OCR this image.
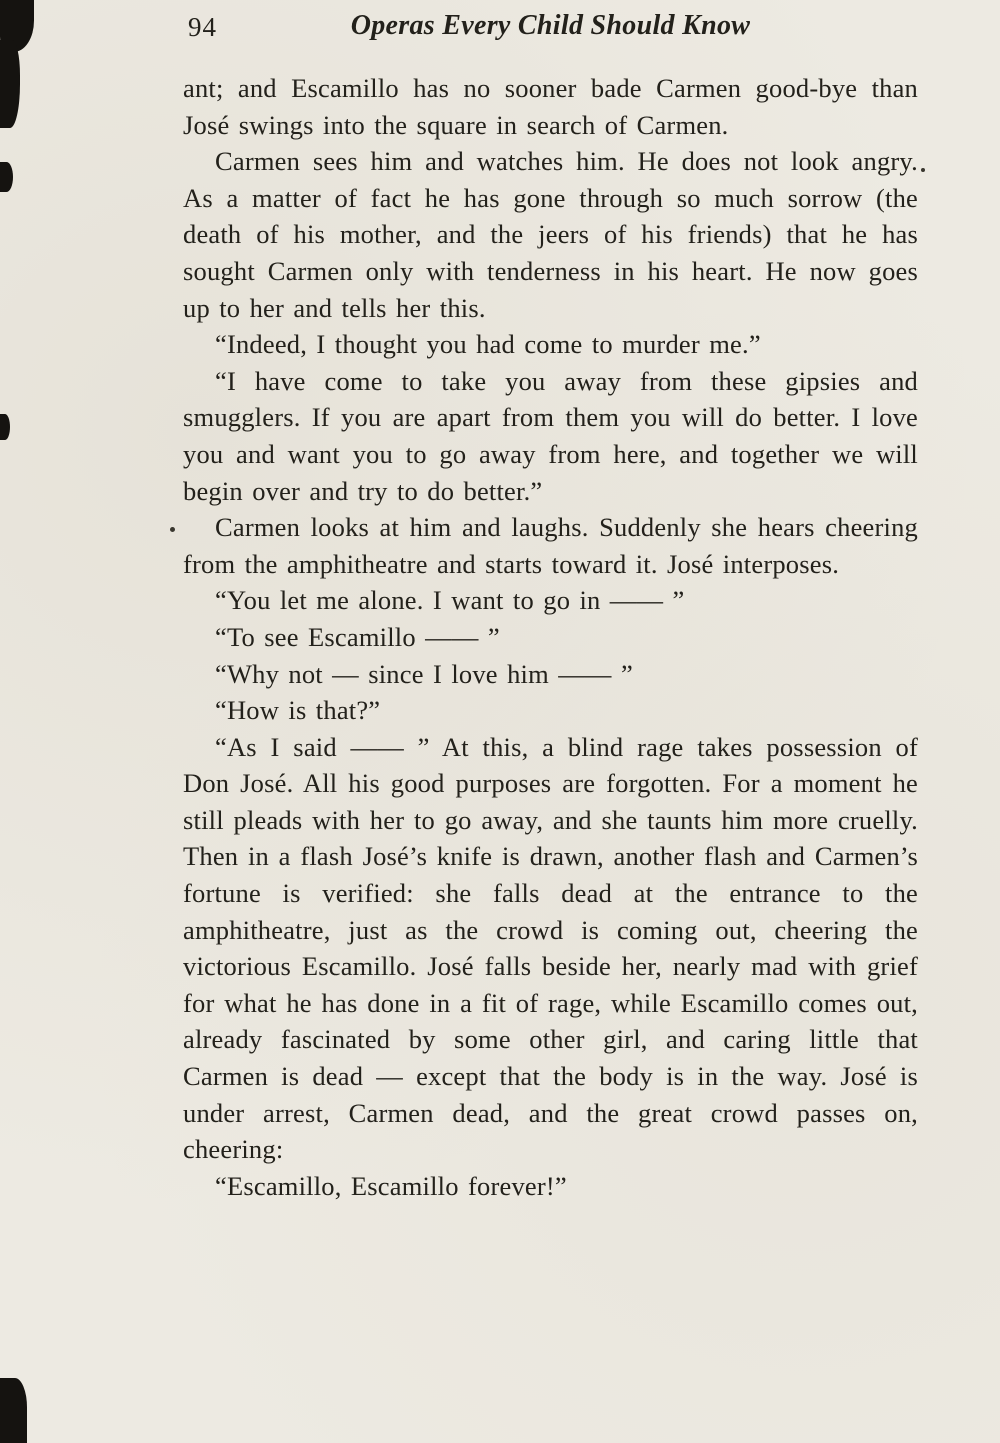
94	Operas Every Child Should Know

ant; and Escamillo has no sooner bade Carmen good-bye than José swings into the square in search of Carmen.

Carmen sees him and watches him. He does not look angry. As a matter of fact he has gone through so much sorrow (the death of his mother, and the jeers of his friends) that he has sought Carmen only with tenderness in his heart. He now goes up to her and tells her this.

“Indeed, I thought you had come to murder me.”

“I have come to take you away from these gipsies and smugglers. If you are apart from them you will do better. I love you and want you to go away from here, and together we will begin over and try to do better.”

Carmen looks at him and laughs. Suddenly she hears cheering from the amphitheatre and starts toward it. José interposes.

“You let me alone. I want to go in —— ”

“To see Escamillo —— ”

“Why not — since I love him —— ”

“How is that?”

“As I said —— ” At this, a blind rage takes possession of Don José. All his good purposes are forgotten. For a moment he still pleads with her to go away, and she taunts him more cruelly. Then in a flash José’s knife is drawn, another flash and Carmen’s fortune is verified: she falls dead at the entrance to the amphitheatre, just as the crowd is coming out, cheering the victorious Escamillo. José falls beside her, nearly mad with grief for what he has done in a fit of rage, while Escamillo comes out, already fascinated by some other girl, and caring little that Carmen is dead — except that the body is in the way. José is under arrest, Carmen dead, and the great crowd passes on, cheering:

“Escamillo, Escamillo forever!”
